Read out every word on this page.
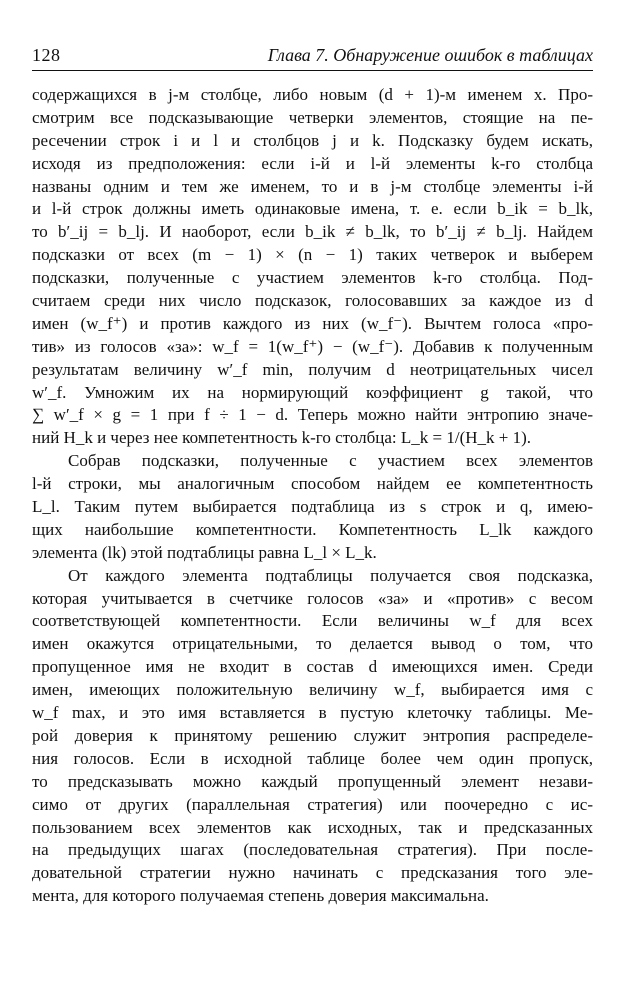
128	Глава 7. Обнаружение ошибок в таблицах
содержащихся в j-м столбце, либо новым (d + 1)-м именем x. Про-
смотрим все подсказывающие четверки элементов, стоящие на пе-
ресечении строк i и l и столбцов j и k. Подсказку будем искать,
исходя из предположения: если i-й и l-й элементы k-го столбца
названы одним и тем же именем, то и в j-м столбце элементы i-й
и l-й строк должны иметь одинаковые имена, т. е. если b_ik = b_lk,
то b′_ij = b_lj. И наоборот, если b_ik ≠ b_lk, то b′_ij ≠ b_lj. Найдем
подсказки от всех (m − 1) × (n − 1) таких четверок и выберем
подсказки, полученные с участием элементов k-го столбца. Под-
считаем среди них число подсказок, голосовавших за каждое из d
имен (w_f⁺) и против каждого из них (w_f⁻). Вычтем голоса «про-
тив» из голосов «за»: w_f = 1(w_f⁺) − (w_f⁻). Добавив к полученным
результатам величину w′_f min, получим d неотрицательных чисел
w′_f. Умножим их на нормирующий коэффициент g такой, что
∑ w′_f × g = 1 при f ÷ 1 − d. Теперь можно найти энтропию значе-
ний H_k и через нее компетентность k-го столбца: L_k = 1/(H_k + 1).
Собрав подсказки, полученные с участием всех элементов
l-й строки, мы аналогичным способом найдем ее компетентность
L_l. Таким путем выбирается подтаблица из s строк и q, имею-
щих наибольшие компетентности. Компетентность L_lk каждого
элемента (lk) этой подтаблицы равна L_l × L_k.
От каждого элемента подтаблицы получается своя подсказка,
которая учитывается в счетчике голосов «за» и «против» с весом
соответствующей компетентности. Если величины w_f для всех
имен окажутся отрицательными, то делается вывод о том, что
пропущенное имя не входит в состав d имеющихся имен. Среди
имен, имеющих положительную величину w_f, выбирается имя с
w_f max, и это имя вставляется в пустую клеточку таблицы. Ме-
рой доверия к принятому решению служит энтропия распределе-
ния голосов. Если в исходной таблице более чем один пропуск,
то предсказывать можно каждый пропущенный элемент незави-
симо от других (параллельная стратегия) или поочередно с ис-
пользованием всех элементов как исходных, так и предсказанных
на предыдущих шагах (последовательная стратегия). При после-
довательной стратегии нужно начинать с предсказания того эле-
мента, для которого получаемая степень доверия максимальна.
